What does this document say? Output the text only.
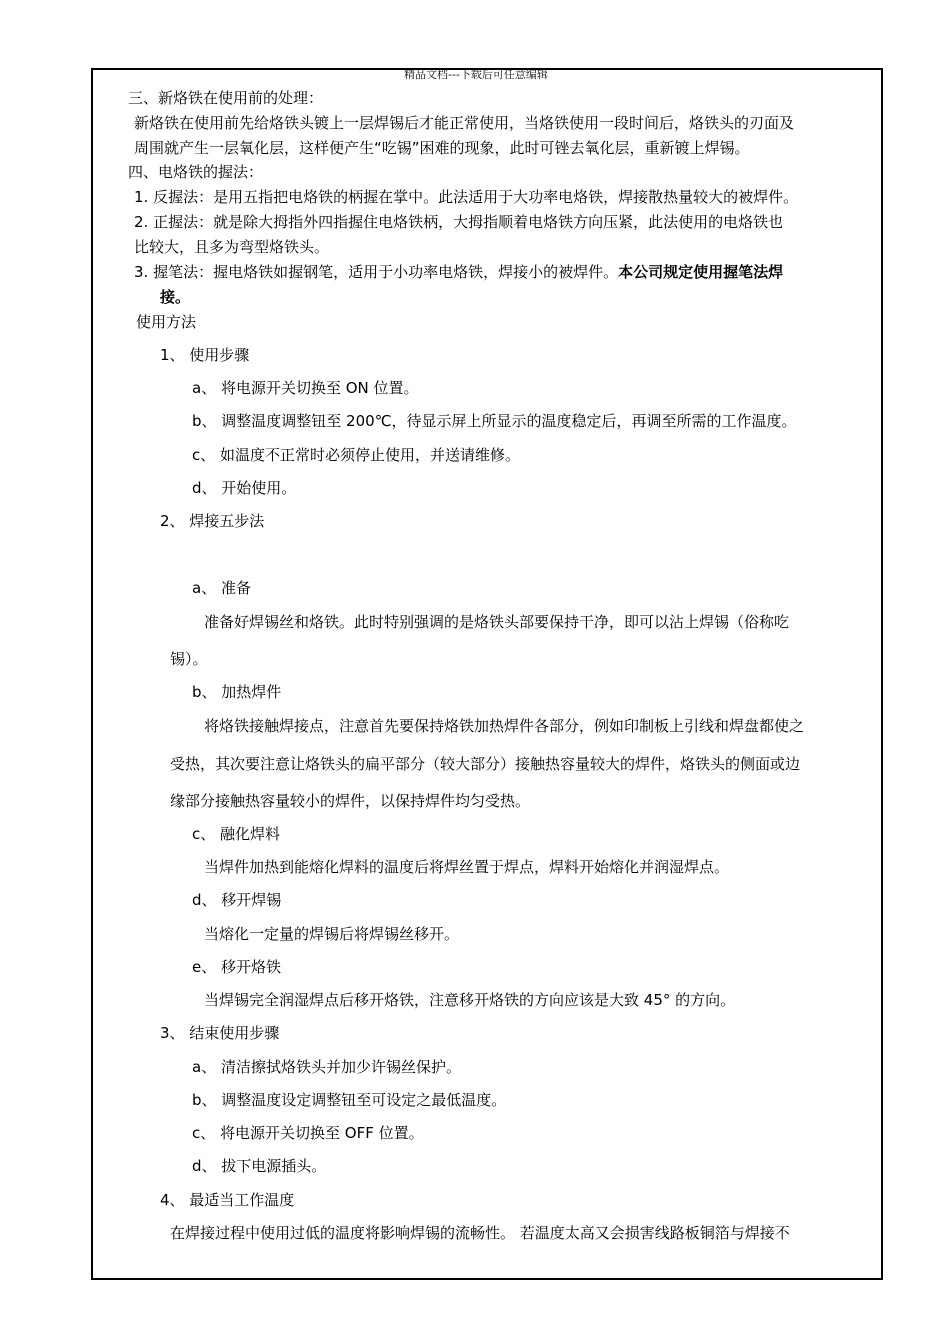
精品文档---下载后可任意编辑
三、新烙铁在使用前的处理：
新烙铁在使用前先给烙铁头镀上一层焊锡后才能正常使用，当烙铁使用一段时间后，烙铁头的刃面及
周围就产生一层氧化层，这样便产生“吃锡”困难的现象，此时可锉去氧化层，重新镀上焊锡。
四、电烙铁的握法：
1. 反握法：是用五指把电烙铁的柄握在掌中。此法适用于大功率电烙铁，焊接散热量较大的被焊件。
2. 正握法：就是除大拇指外四指握住电烙铁柄，大拇指顺着电烙铁方向压紧，此法使用的电烙铁也
比较大，且多为弯型烙铁头。
3. 握笔法：握电烙铁如握钢笔，适用于小功率电烙铁，焊接小的被焊件。本公司规定使用握笔法焊
接。
使用方法
1、 使用步骤
a、 将电源开关切换至 ON 位置。
b、 调整温度调整钮至 200℃，待显示屏上所显示的温度稳定后，再调至所需的工作温度。
c、 如温度不正常时必须停止使用，并送请维修。
d、 开始使用。
2、 焊接五步法
a、 准备
准备好焊锡丝和烙铁。此时特别强调的是烙铁头部要保持干净，即可以沾上焊锡（俗称吃
锡）。
b、 加热焊件
将烙铁接触焊接点，注意首先要保持烙铁加热焊件各部分，例如印制板上引线和焊盘都使之
受热，其次要注意让烙铁头的扁平部分（较大部分）接触热容量较大的焊件，烙铁头的侧面或边
缘部分接触热容量较小的焊件，以保持焊件均匀受热。
c、 融化焊料
当焊件加热到能熔化焊料的温度后将焊丝置于焊点，焊料开始熔化并润湿焊点。
d、 移开焊锡
当熔化一定量的焊锡后将焊锡丝移开。
e、 移开烙铁
当焊锡完全润湿焊点后移开烙铁，注意移开烙铁的方向应该是大致 45° 的方向。
3、 结束使用步骤
a、 清洁擦拭烙铁头并加少许锡丝保护。
b、 调整温度设定调整钮至可设定之最低温度。
c、 将电源开关切换至 OFF 位置。
d、 拔下电源插头。
4、 最适当工作温度
在焊接过程中使用过低的温度将影响焊锡的流畅性。 若温度太高又会损害线路板铜箔与焊接不
